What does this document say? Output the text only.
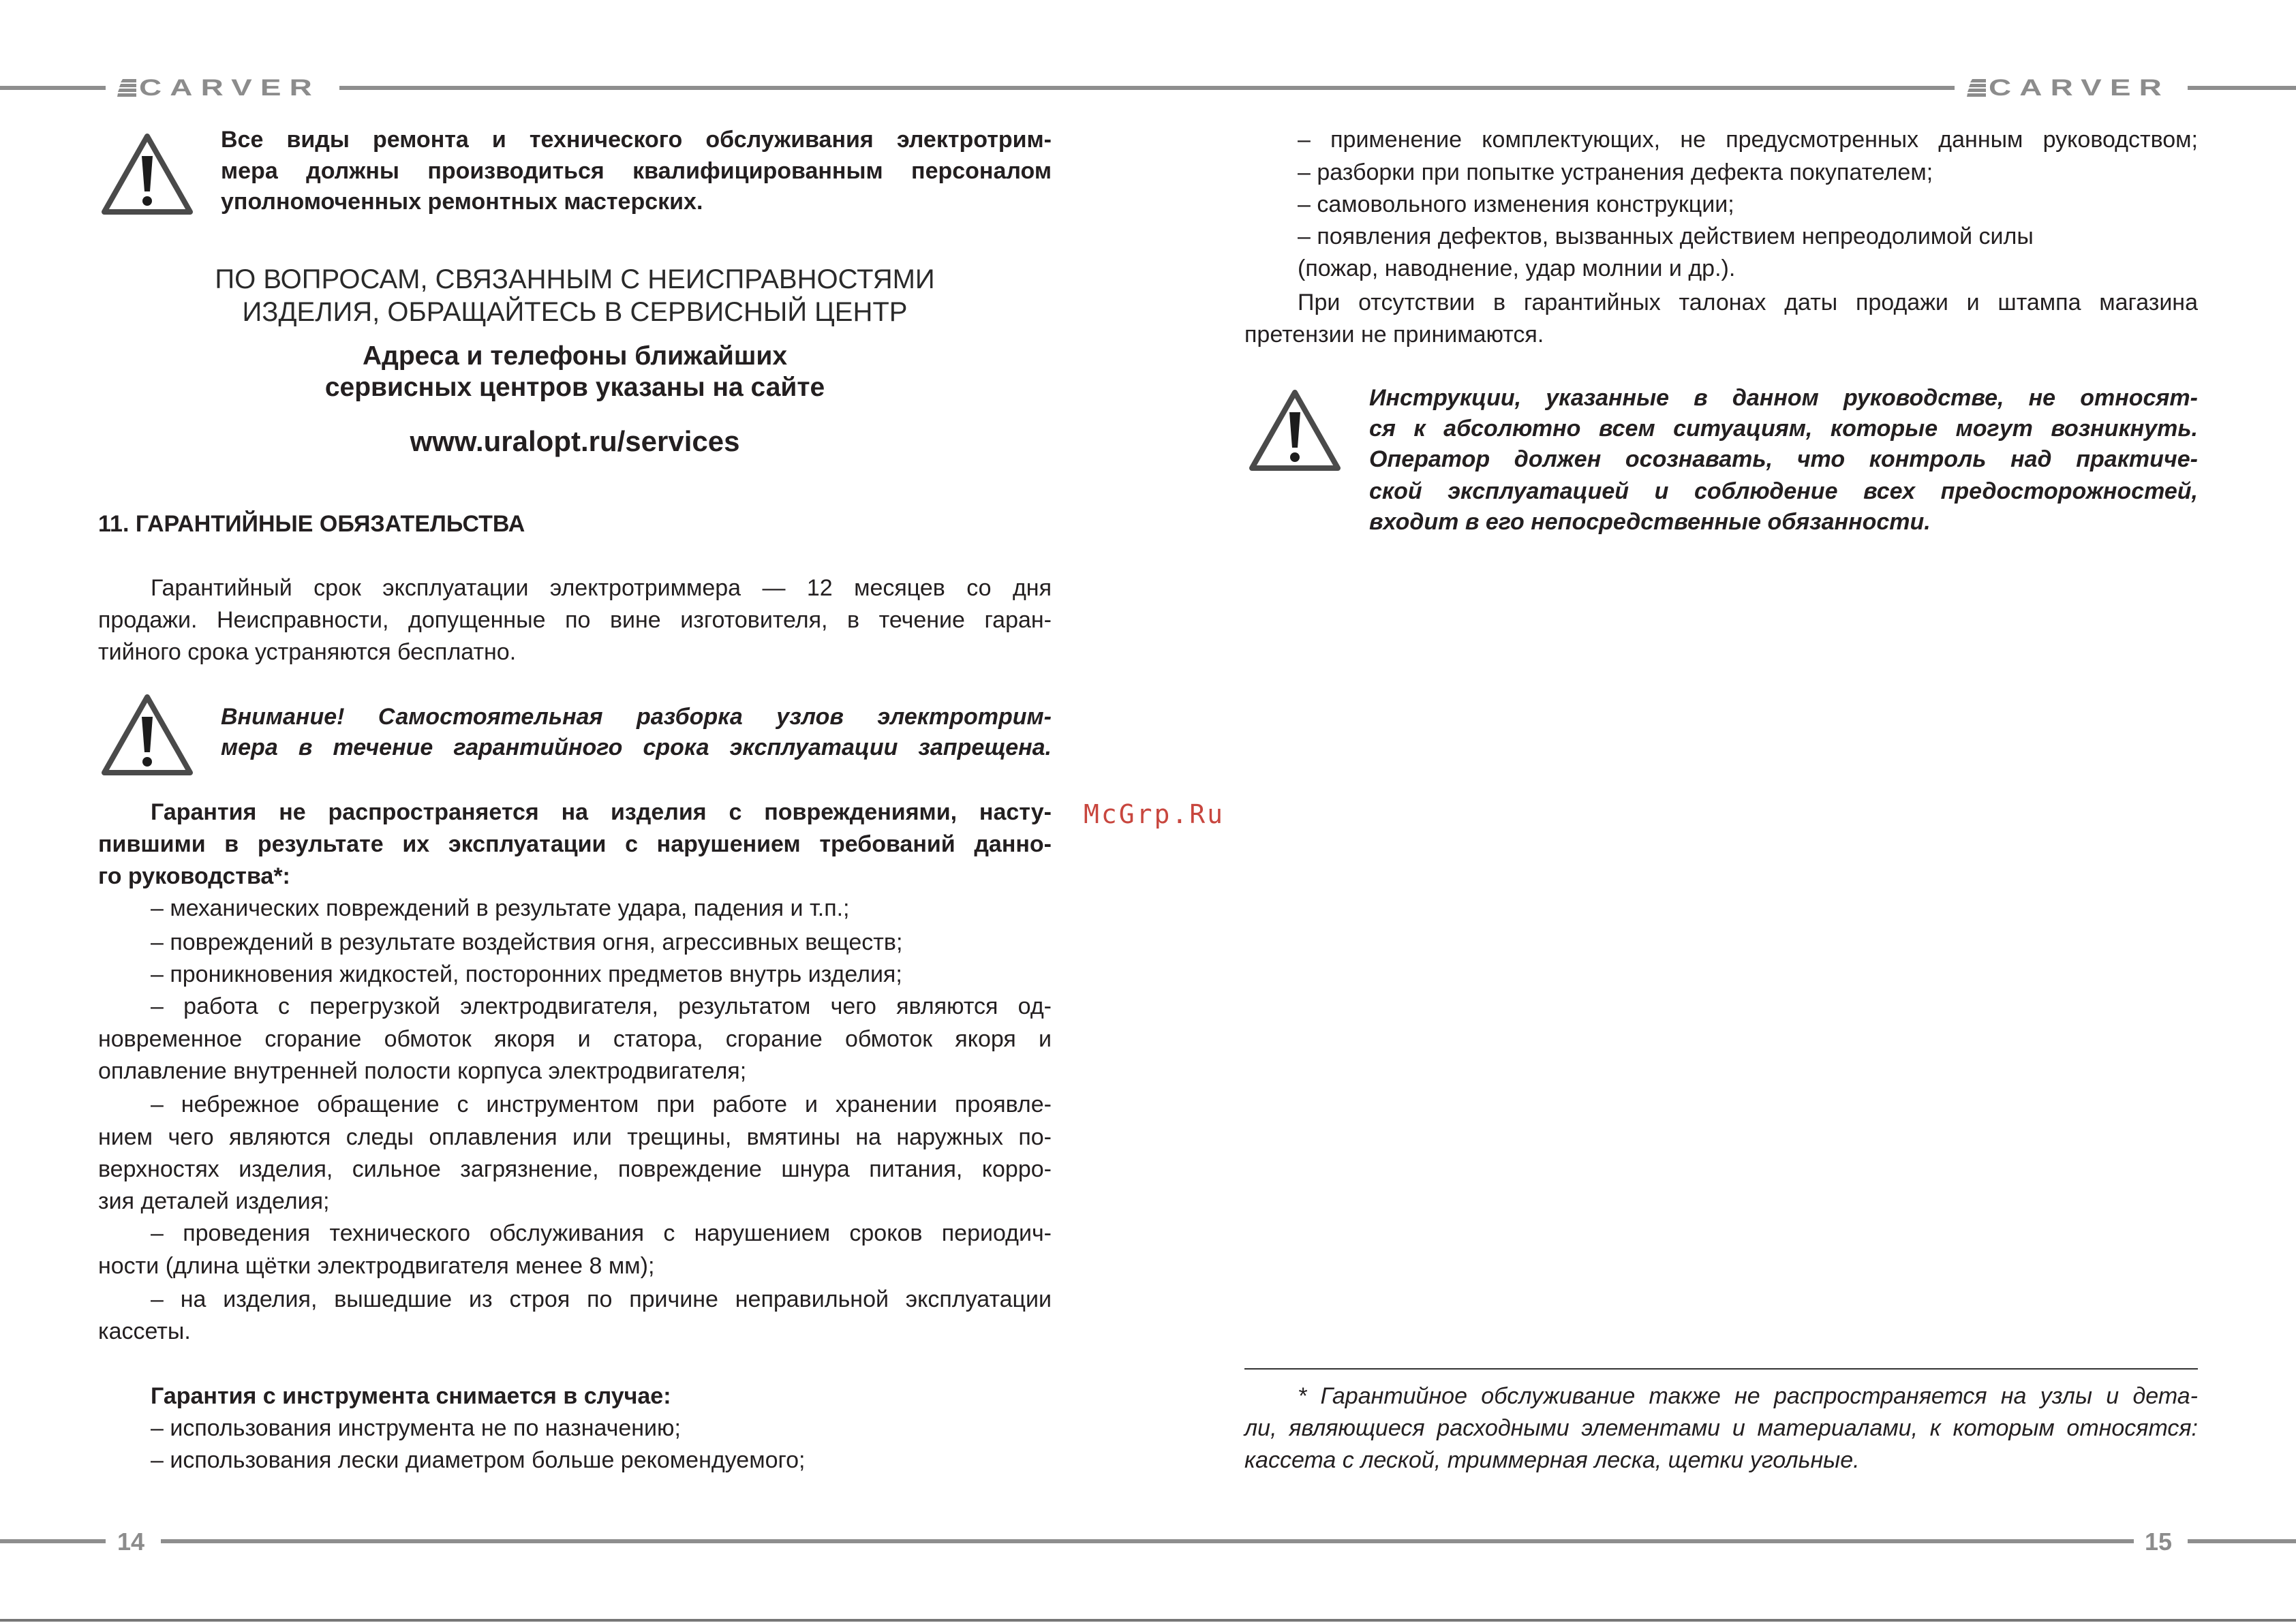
CARVER	CARVER
Все виды ремонта и технического обслуживания электротрим-
мера должны производиться квалифицированным персоналом
уполномоченных ремонтных мастерских.
ПО ВОПРОСАМ, СВЯЗАННЫМ С НЕИСПРАВНОСТЯМИ
ИЗДЕЛИЯ, ОБРАЩАЙТЕСЬ В СЕРВИСНЫЙ ЦЕНТР
Адреса и телефоны ближайших
сервисных центров указаны на сайте
www.uralopt.ru/services
11. ГАРАНТИЙНЫЕ ОБЯЗАТЕЛЬСТВА
Гарантийный срок эксплуатации электротриммера — 12 месяцев со дня
продажи. Неисправности, допущенные по вине изготовителя, в течение гаран-
тийного срока устраняются бесплатно.
Внимание! Самостоятельная разборка узлов электротрим-
мера в течение гарантийного срока эксплуатации запрещена.
Гарантия не распространяется на изделия с повреждениями, насту-
пившими в результате их эксплуатации с нарушением требований данно-
го руководства*:
– механических повреждений в результате удара, падения и т.п.;
– повреждений в результате воздействия огня, агрессивных веществ;
– проникновения жидкостей, посторонних предметов внутрь изделия;
– работа с перегрузкой электродвигателя, результатом чего являются од-
новременное сгорание обмоток якоря и статора, сгорание обмоток якоря и
оплавление внутренней полости корпуса электродвигателя;
– небрежное обращение с инструментом при работе и хранении проявле-
нием чего являются следы оплавления или трещины, вмятины на наружных по-
верхностях изделия, сильное загрязнение, повреждение шнура питания, корро-
зия деталей изделия;
– проведения технического обслуживания с нарушением сроков периодич-
ности (длина щётки электродвигателя менее 8 мм);
– на изделия, вышедшие из строя по причине неправильной эксплуатации
кассеты.
Гарантия с инструмента снимается в случае:
– использования инструмента не по назначению;
– использования лески диаметром больше рекомендуемого;
McGrp.Ru
– применение комплектующих, не предусмотренных данным руководством;
– разборки при попытке устранения дефекта покупателем;
– самовольного изменения конструкции;
– появления дефектов, вызванных действием непреодолимой силы
(пожар, наводнение, удар молнии и др.).
При отсутствии в гарантийных талонах даты продажи и штампа магазина
претензии не принимаются.
Инструкции, указанные в данном руководстве, не относят-
ся к абсолютно всем ситуациям, которые могут возникнуть.
Оператор должен осознавать, что контроль над практиче-
ской эксплуатацией и соблюдение всех предосторожностей,
входит в его непосредственные обязанности.
* Гарантийное обслуживание также не распространяется на узлы и дета-
ли, являющиеся расходными элементами и материалами, к которым относятся:
кассета с леской, триммерная леска, щетки угольные.
14	15
